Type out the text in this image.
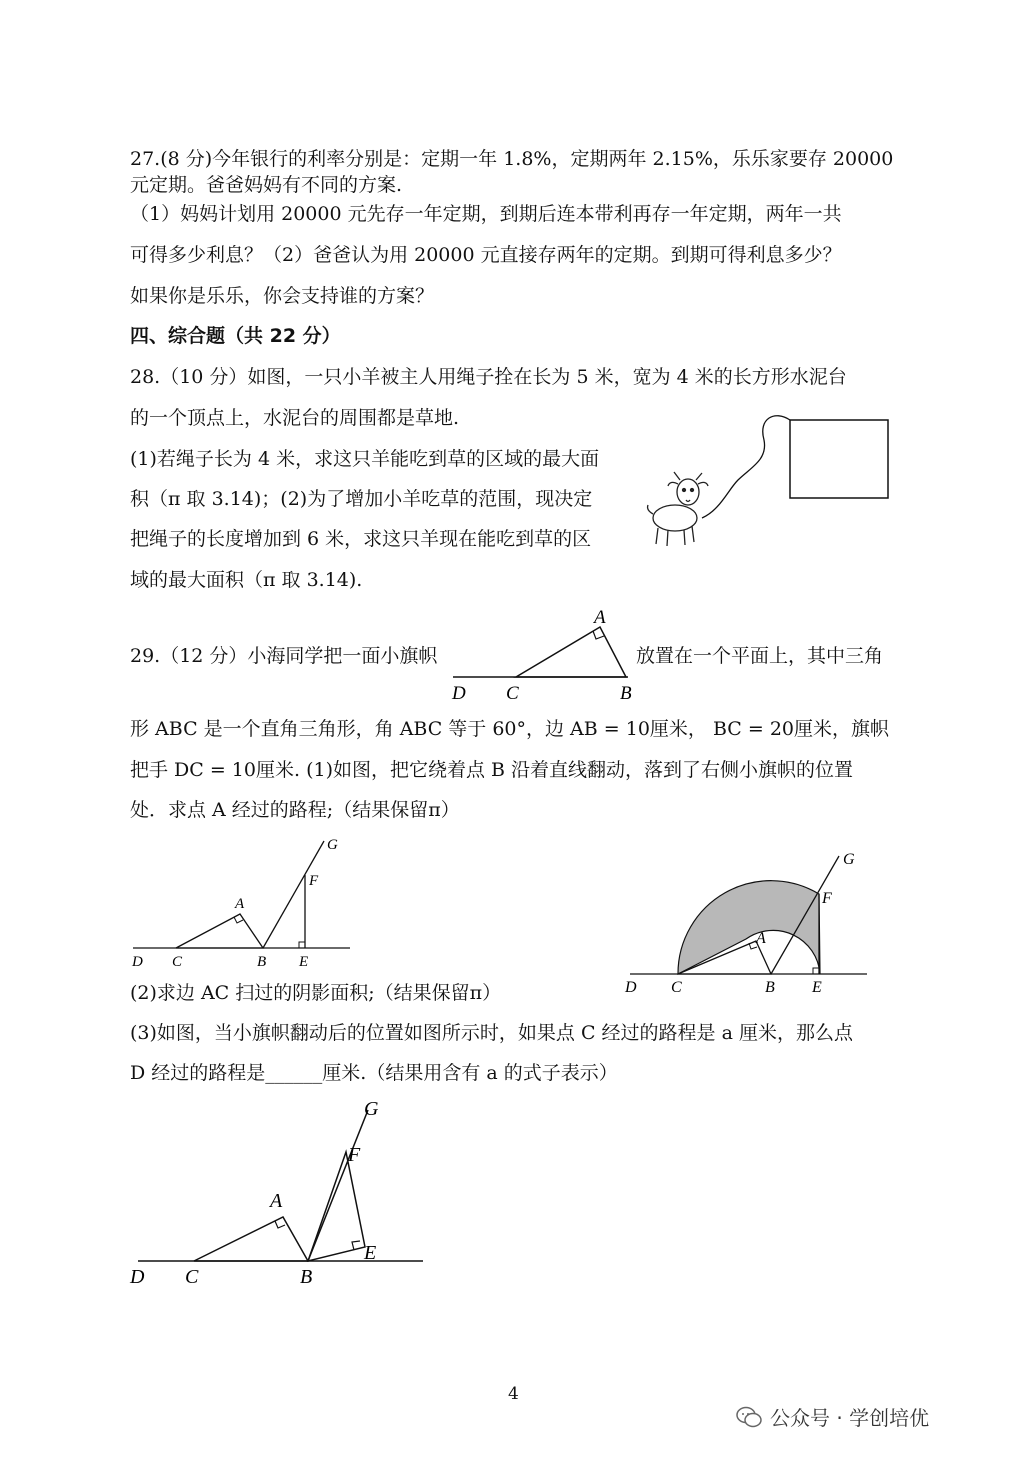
27.(8 分)今年银行的利率分别是：定期一年 1.8%，定期两年 2.15%，乐乐家要存 20000
元定期。爸爸妈妈有不同的方案.
（1）妈妈计划用 20000 元先存一年定期，到期后连本带利再存一年定期，两年一共
可得多少利息？（2）爸爸认为用 20000 元直接存两年的定期。到期可得利息多少？
如果你是乐乐，你会支持谁的方案？
四、综合题（共 22 分）
28.（10 分）如图，一只小羊被主人用绳子拴在长为 5 米，宽为 4 米的长方形水泥台
的一个顶点上，水泥台的周围都是草地.
(1)若绳子长为 4 米，求这只羊能吃到草的区域的最大面
积（π 取 3.14)；(2)为了增加小羊吃草的范围，现决定
把绳子的长度增加到 6 米，求这只羊现在能吃到草的区
域的最大面积（π 取 3.14).
29.（12 分）小海同学把一面小旗帜
A
D C	B
放置在一个平面上，其中三角
形 ABC 是一个直角三角形，角 ABC 等于 60°，边 AB = 10厘米， BC = 20厘米，旗帜
把手 DC = 10厘米. (1)如图，把它绕着点 B 沿着直线翻动，落到了右侧小旗帜的位置
处．求点 A 经过的路程;（结果保留π）
G
F
A
D C	B E
G
F
A
D C	B E
(2)求边 AC 扫过的阴影面积;（结果保留π）
(3)如图，当小旗帜翻动后的位置如图所示时，如果点 C 经过的路程是 a 厘米，那么点
D 经过的路程是______厘米.（结果用含有 a 的式子表示）
G
F
A
E
D C	B
4
公众号 · 学创培优
